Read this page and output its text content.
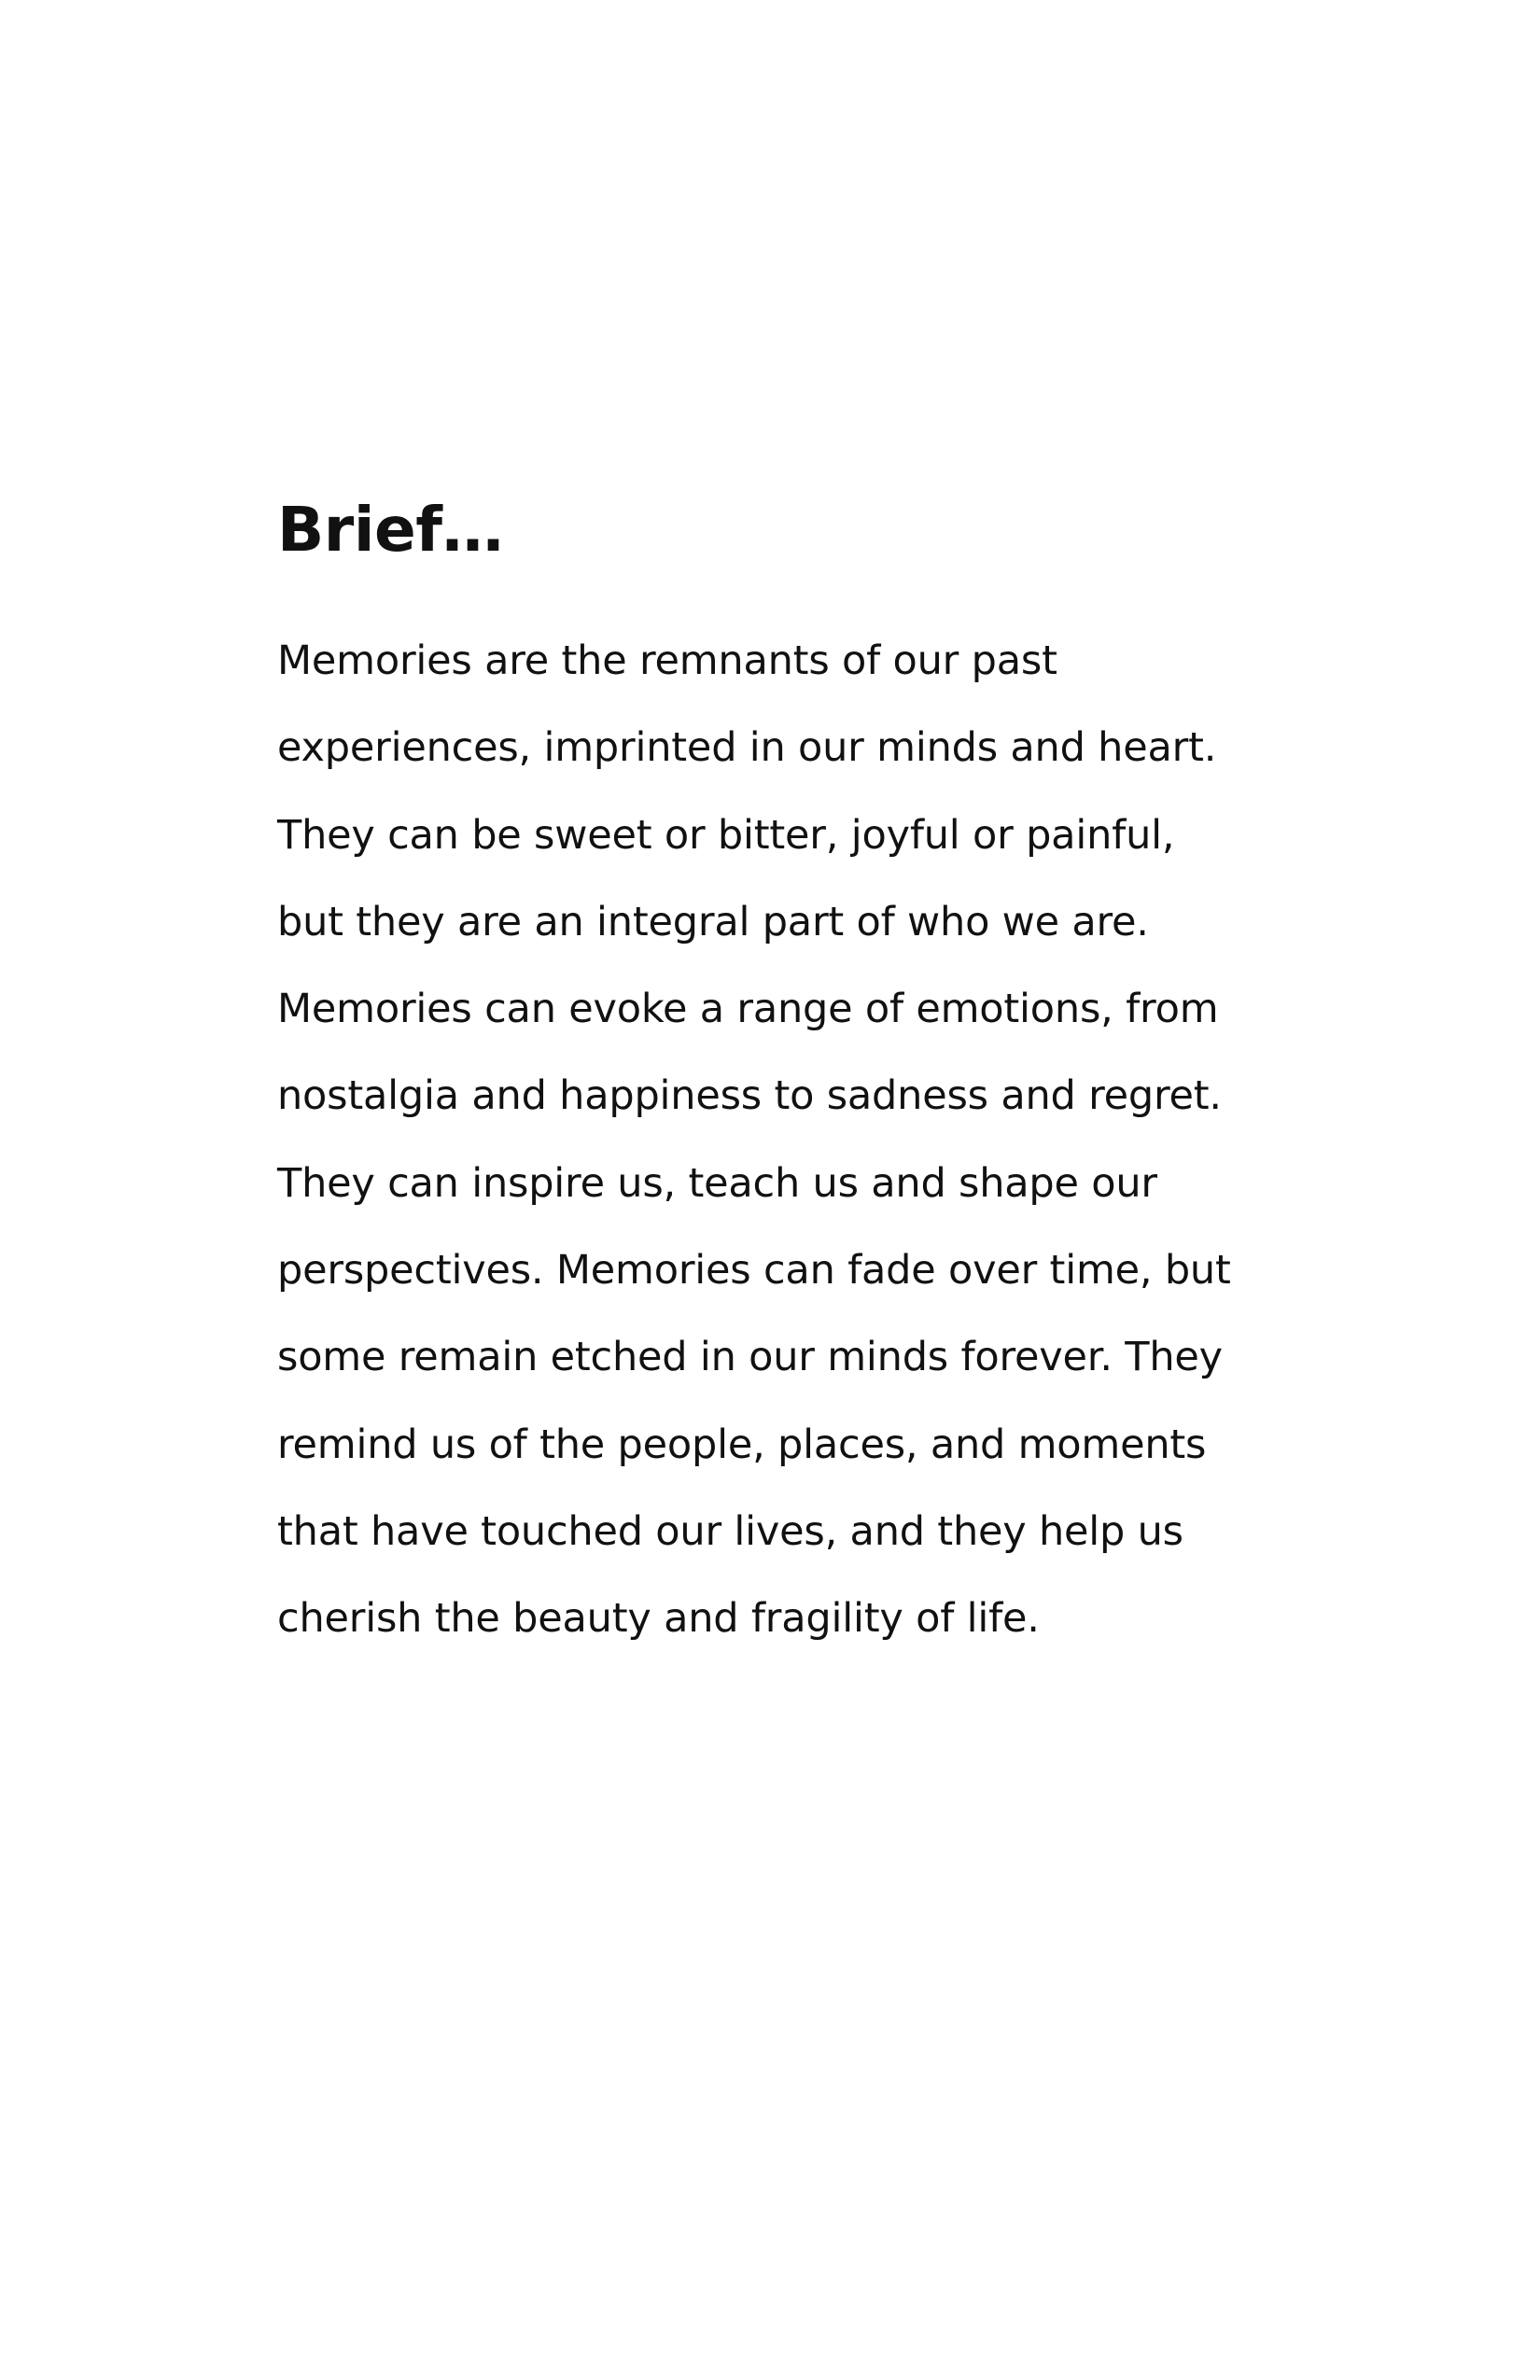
Brief…
Memories are the remnants of our past
experiences, imprinted in our minds and heart.
They can be sweet or bitter, joyful or painful,
but they are an integral part of who we are.
Memories can evoke a range of emotions, from
nostalgia and happiness to sadness and regret.
They can inspire us, teach us and shape our
perspectives. Memories can fade over time, but
some remain etched in our minds forever. They
remind us of the people, places, and moments
that have touched our lives, and they help us
cherish the beauty and fragility of life.
